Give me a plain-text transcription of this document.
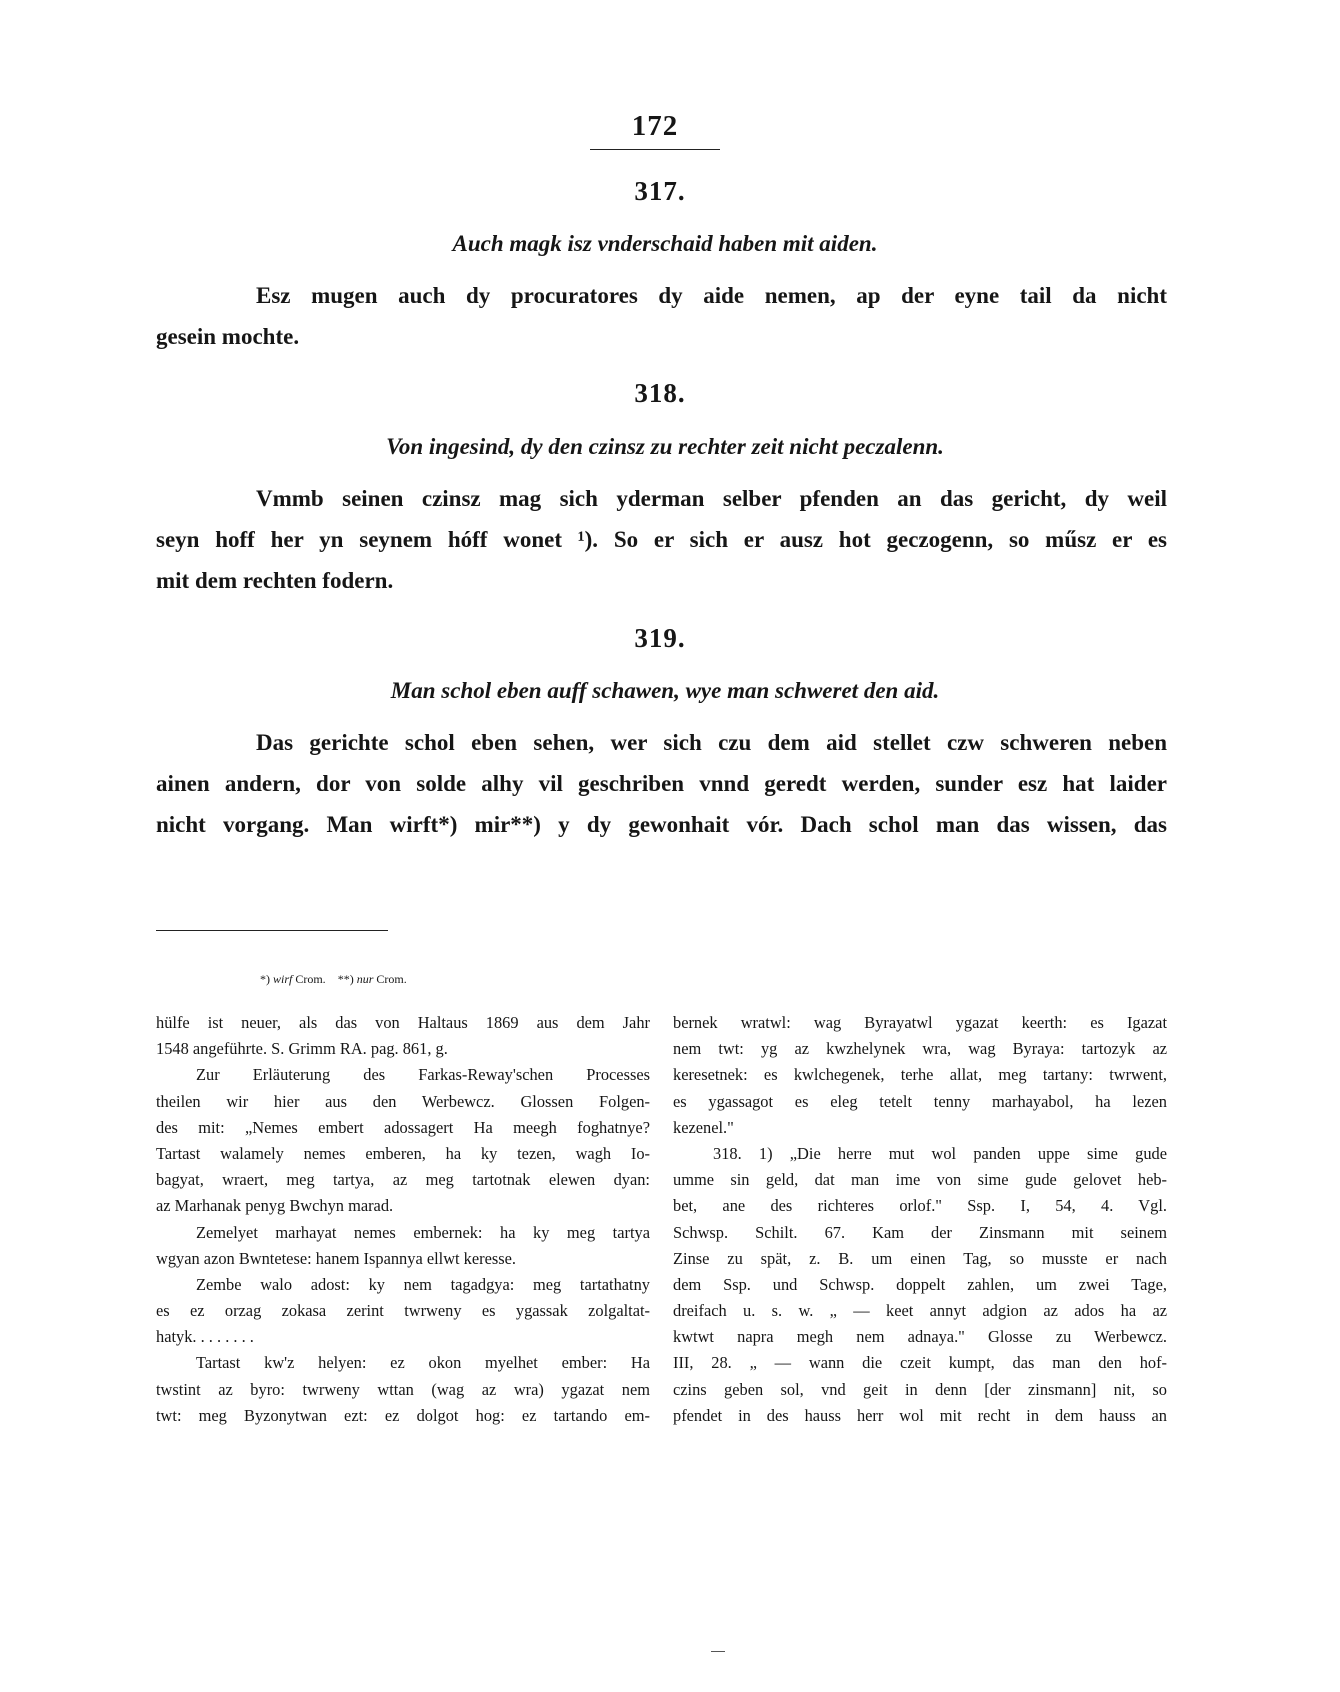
172
317.
Auch magk isz vnderschaid haben mit aiden.
Esz mugen auch dy procuratores dy aide nemen, ap der eyne tail da nicht
gesein mochte.
318.
Von ingesind, dy den czinsz zu rechter zeit nicht peczalenn.
Vmmb seinen czinsz mag sich yderman selber pfenden an das gericht, dy weil
seyn hoff her yn seynem hóff wonet ¹). So er sich er ausz hot geczogenn, so műsz er es
mit dem rechten fodern.
319.
Man schol eben auff schawen, wye man schweret den aid.
Das gerichte schol eben sehen, wer sich czu dem aid stellet czw schweren neben
ainen andern, dor von solde alhy vil geschriben vnnd geredt werden, sunder esz hat laider
nicht vorgang. Man wirft*) mir**) y dy gewonhait vór. Dach schol man das wissen, das
*) wirf Crom. **) nur Crom.
hülfe ist neuer, als das von Haltaus 1869 aus dem Jahr
1548 angeführte. S. Grimm RA. pag. 861, g.
Zur Erläuterung des Farkas-Reway'schen Processes
theilen wir hier aus den Werbewcz. Glossen Folgen-
des mit: „Nemes embert adossagert Ha meegh foghatnye?
Tartast walamely nemes emberen, ha ky tezen, wagh Io-
bagyat, wraert, meg tartya, az meg tartotnak elewen dyan:
az Marhanak penyg Bwchyn marad.
Zemelyet marhayat nemes embernek: ha ky meg tartya
wgyan azon Bwntetese: hanem Ispannya ellwt keresse.
Zembe walo adost: ky nem tagadgya: meg tartathatny
es ez orzag zokasa zerint twrweny es ygassak zolgaltat-
hatyk. . . . . . . .
Tartast kw'z helyen: ez okon myelhet ember: Ha
twstint az byro: twrweny wttan (wag az wra) ygazat nem
twt: meg Byzonytwan ezt: ez dolgot hog: ez tartando em-
bernek wratwl: wag Byrayatwl ygazat keerth: es Igazat
nem twt: yg az kwzhelynek wra, wag Byraya: tartozyk az
keresetnek: es kwlchegenek, terhe allat, meg tartany: twrwent,
es ygassagot es eleg tetelt tenny marhayabol, ha lezen
kezenel."
318. 1) „Die herre mut wol panden uppe sime gude
umme sin geld, dat man ime von sime gude gelovet heb-
bet, ane des richteres orlof." Ssp. I, 54, 4. Vgl.
Schwsp. Schilt. 67. Kam der Zinsmann mit seinem
Zinse zu spät, z. B. um einen Tag, so musste er nach
dem Ssp. und Schwsp. doppelt zahlen, um zwei Tage,
dreifach u. s. w. „ — keet annyt adgion az ados ha az
kwtwt napra megh nem adnaya." Glosse zu Werbewcz.
III, 28. „ — wann die czeit kumpt, das man den hof-
czins geben sol, vnd geit in denn [der zinsmann] nit, so
pfendet in des hauss herr wol mit recht in dem hauss an
